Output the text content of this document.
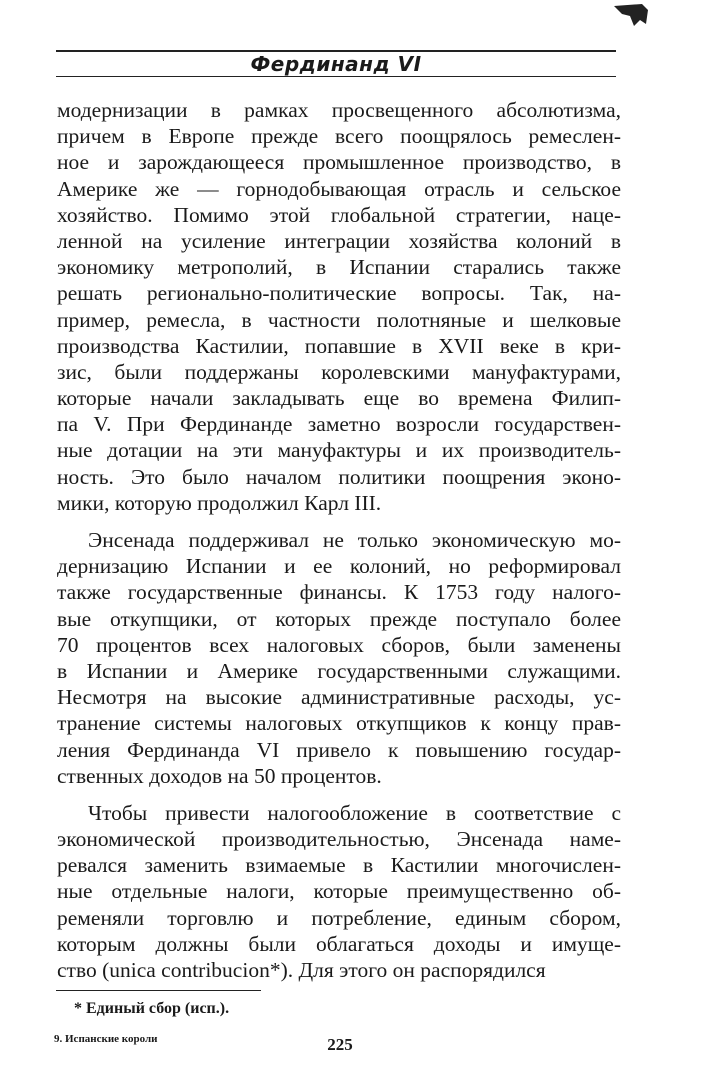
Фердинанд VI
модернизации в рамках просвещенного абсолютизма,
причем в Европе прежде всего поощрялось ремеслен-
ное и зарождающееся промышленное производство, в
Америке же — горнодобывающая отрасль и сельское
хозяйство. Помимо этой глобальной стратегии, наце-
ленной на усиление интеграции хозяйства колоний в
экономику метрополий, в Испании старались также
решать регионально-политические вопросы. Так, на-
пример, ремесла, в частности полотняные и шелковые
производства Кастилии, попавшие в XVII веке в кри-
зис, были поддержаны королевскими мануфактурами,
которые начали закладывать еще во времена Филип-
па V. При Фердинанде заметно возросли государствен-
ные дотации на эти мануфактуры и их производитель-
ность. Это было началом политики поощрения эконо-
мики, которую продолжил Карл III.
Энсенада поддерживал не только экономическую мо-
дернизацию Испании и ее колоний, но реформировал
также государственные финансы. К 1753 году налого-
вые откупщики, от которых прежде поступало более
70 процентов всех налоговых сборов, были заменены
в Испании и Америке государственными служащими.
Несмотря на высокие административные расходы, ус-
транение системы налоговых откупщиков к концу прав-
ления Фердинанда VI привело к повышению государ-
ственных доходов на 50 процентов.
Чтобы привести налогообложение в соответствие с
экономической производительностью, Энсенада наме-
ревался заменить взимаемые в Кастилии многочислен-
ные отдельные налоги, которые преимущественно об-
ременяли торговлю и потребление, единым сбором,
которым должны были облагаться доходы и имуще-
ство (unica contribucion*). Для этого он распорядился
* Единый сбор (исп.).
9. Испанские короли	225
